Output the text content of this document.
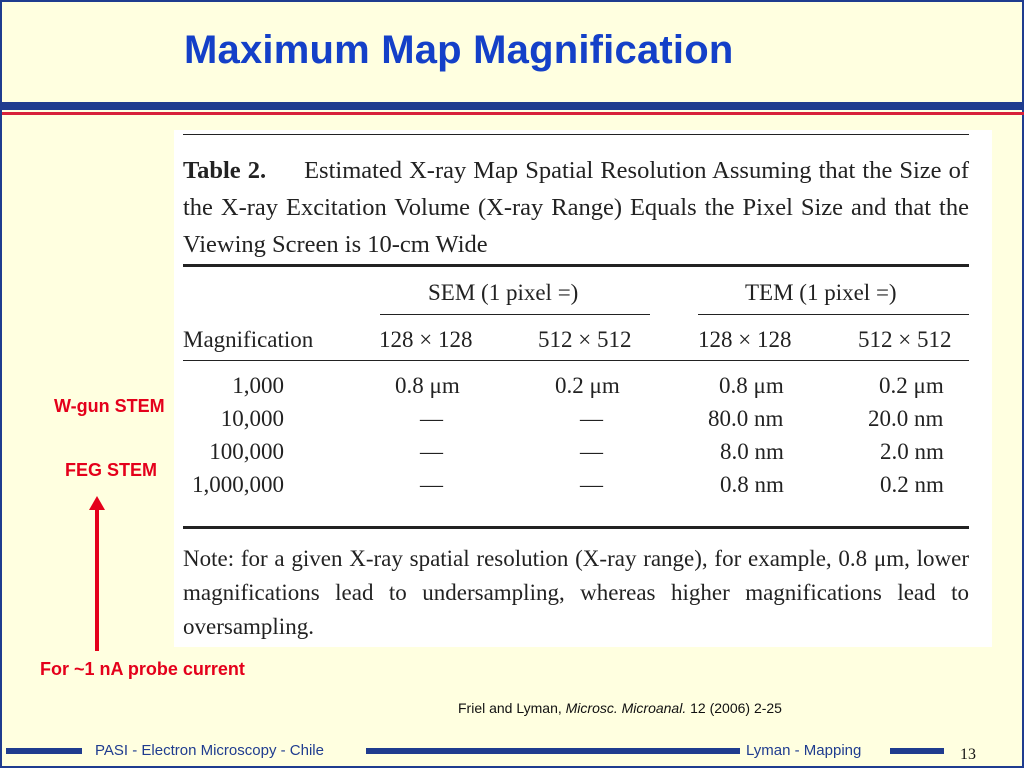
Maximum Map Magnification
Table 2. Estimated X-ray Map Spatial Resolution Assuming that the Size of the X-ray Excitation Volume (X-ray Range) Equals the Pixel Size and that the Viewing Screen is 10-cm Wide
SEM (1 pixel =)	TEM (1 pixel =)
Magnification	128 × 128	512 × 512	128 × 128	512 × 512
1,000	0.8 μm	0.2 μm	0.8 μm	0.2 μm
10,000	—	—	80.0 nm	20.0 nm
100,000	—	—	8.0 nm	2.0 nm
1,000,000	—	—	0.8 nm	0.2 nm
Note: for a given X-ray spatial resolution (X-ray range), for example, 0.8 μm, lower magnifications lead to undersampling, whereas higher magnifications lead to oversampling.
W-gun STEM
FEG STEM
For ~1 nA probe current
Friel and Lyman, Microsc. Microanal. 12 (2006) 2-25
PASI - Electron Microscopy - Chile	Lyman - Mapping	13
